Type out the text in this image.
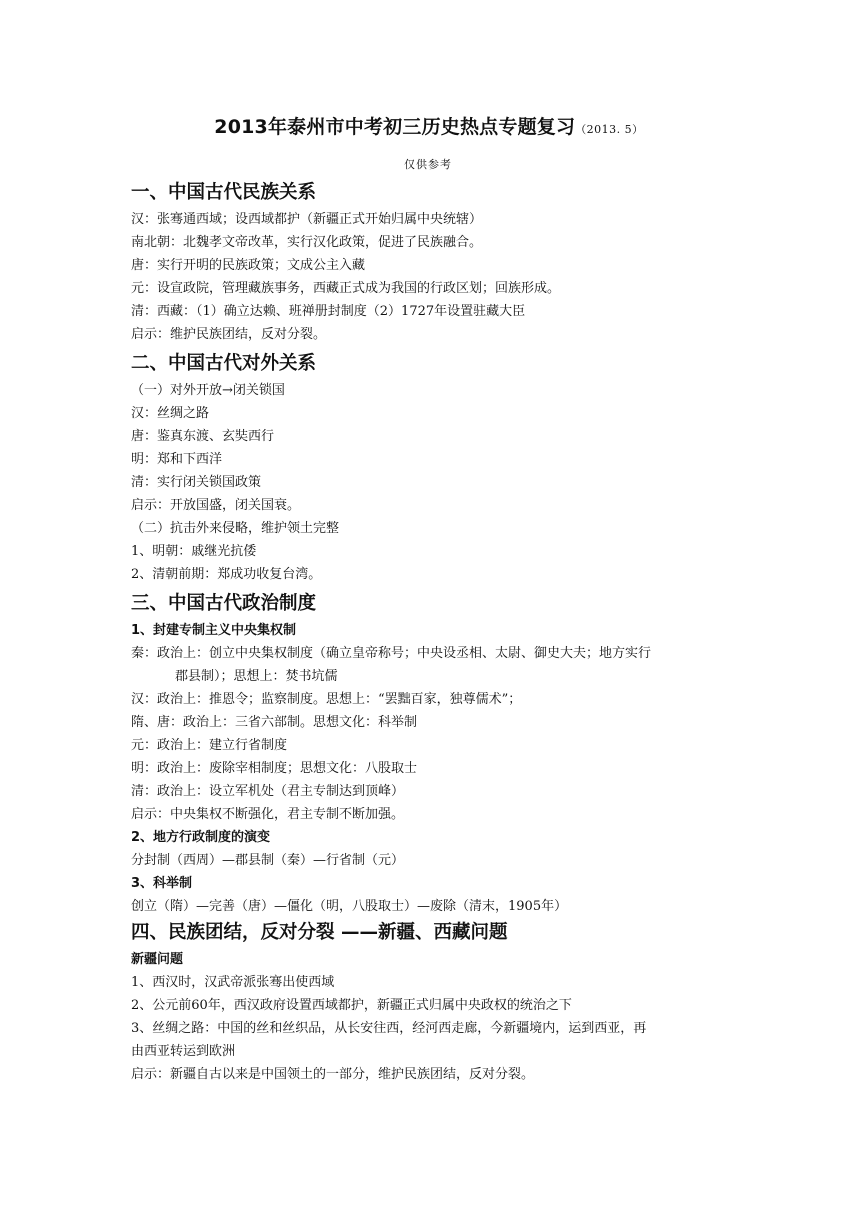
2013年泰州市中考初三历史热点专题复习（2013. 5）
仅供参考
一、中国古代民族关系
汉：张骞通西域；设西域都护（新疆正式开始归属中央统辖）
南北朝：北魏孝文帝改革，实行汉化政策，促进了民族融合。
唐：实行开明的民族政策；文成公主入藏
元：设宣政院，管理藏族事务，西藏正式成为我国的行政区划；回族形成。
清：西藏：（1）确立达赖、班禅册封制度（2）1727年设置驻藏大臣
启示：维护民族团结，反对分裂。
二、中国古代对外关系
（一）对外开放→闭关锁国
汉：丝绸之路
唐：鉴真东渡、玄奘西行
明：郑和下西洋
清：实行闭关锁国政策
启示：开放国盛，闭关国衰。
（二）抗击外来侵略，维护领土完整
1、明朝：戚继光抗倭
2、清朝前期：郑成功收复台湾。
三、中国古代政治制度
1、封建专制主义中央集权制
秦：政治上：创立中央集权制度（确立皇帝称号；中央设丞相、太尉、御史大夫；地方实行
郡县制）；思想上：焚书坑儒
汉：政治上：推恩令；监察制度。思想上：“罢黜百家，独尊儒术”；
隋、唐：政治上：三省六部制。思想文化：科举制
元：政治上：建立行省制度
明：政治上：废除宰相制度；思想文化：八股取士
清：政治上：设立军机处（君主专制达到顶峰）
启示：中央集权不断强化，君主专制不断加强。
2、地方行政制度的演变
分封制（西周）—郡县制（秦）—行省制（元）
3、科举制
创立（隋）—完善（唐）—僵化（明，八股取士）—废除（清末，1905年）
四、民族团结，反对分裂 ——新疆、西藏问题
新疆问题
1、西汉时，汉武帝派张骞出使西域
2、公元前60年，西汉政府设置西域都护，新疆正式归属中央政权的统治之下
3、丝绸之路：中国的丝和丝织品，从长安往西，经河西走廊，今新疆境内，运到西亚，再
由西亚转运到欧洲
启示：新疆自古以来是中国领土的一部分，维护民族团结，反对分裂。
